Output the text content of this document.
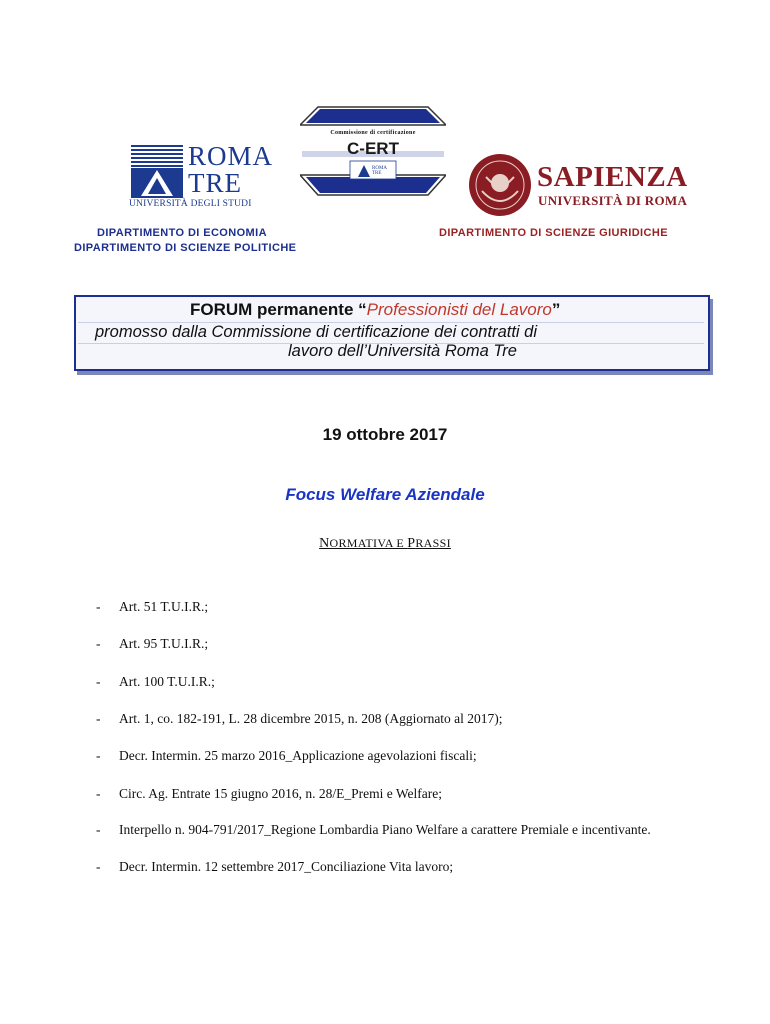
ROMA
TRE
UNIVERSITÀ DEGLI STUDI
Commissione di certificazione
C-ERT
ROMA TRE	SAPIENZA
UNIVERSITÀ DI ROMA
DIPARTIMENTO DI ECONOMIA
DIPARTIMENTO DI SCIENZE POLITICHE
DIPARTIMENTO DI SCIENZE GIURIDICHE
FORUM permanente “Professionisti del Lavoro”
promosso dalla Commissione di certificazione dei contratti di
lavoro dell’Università Roma Tre
19 ottobre 2017
Focus Welfare Aziendale
NORMATIVA E PRASSI
- Art. 51 T.U.I.R.;
- Art. 95 T.U.I.R.;
- Art. 100 T.U.I.R.;
- Art. 1, co. 182-191, L. 28 dicembre 2015, n. 208 (Aggiornato al 2017);
- Decr. Intermin. 25 marzo 2016_Applicazione agevolazioni fiscali;
- Circ. Ag. Entrate 15 giugno 2016, n. 28/E_Premi e Welfare;
- Interpello n. 904-791/2017_Regione Lombardia Piano Welfare a carattere Premiale e incentivante.
- Decr. Intermin. 12 settembre 2017_Conciliazione Vita lavoro;
